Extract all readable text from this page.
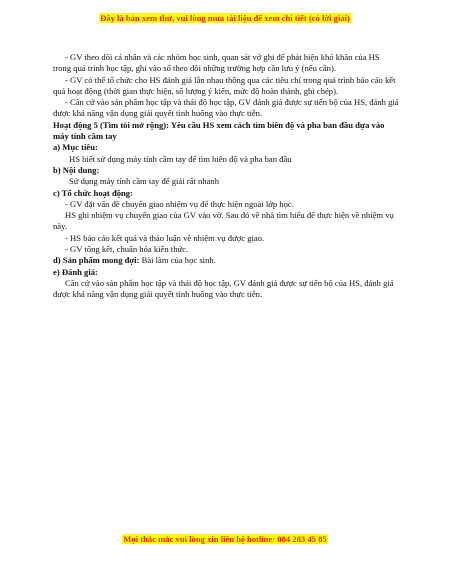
Đây là bản xem thử, vui lòng mua tài liệu để xem chi tiết (có lời giải)

- GV theo dõi cá nhân và các nhóm học sinh, quan sát vở ghi để phát hiện khó khăn của HS trong quá trình học tập, ghi vào sổ theo dõi những trường hợp cần lưu ý (nếu cần).

- GV có thể tổ chức cho HS đánh giá lẫn nhau thông qua các tiêu chí trong quá trình báo cáo kết quả hoạt động (thời gian thực hiện, số lượng ý kiến, mức độ hoàn thành, ghi chép).

- Căn cứ vào sản phẩm học tập và thái độ học tập, GV đánh giá được sự tiến bộ của HS, đánh giá được khả năng vận dụng giải quyết tình huống vào thực tiễn.

Hoạt động 5 (Tìm tòi mở rộng): Yêu cầu HS xem cách tìm biên độ và pha ban đầu dựa vào máy tính cầm tay

a) Mục tiêu:

HS biết sử dụng máy tính cầm tay để tìm biên độ và pha ban đầu

b) Nội dung:

Sử dụng máy tính cầm tay để giải rất nhanh

c) Tổ chức hoạt động:

- GV đặt vấn đề chuyển giao nhiệm vụ để thực hiện ngoài lớp học.

HS ghi nhiệm vụ chuyển giao của GV vào vở. Sau đó về nhà tìm hiểu để thực hiện về nhiệm vụ này.

- HS báo cáo kết quả và thảo luận về nhiệm vụ được giao.

- GV tổng kết, chuẩn hóa kiến thức.

d) Sản phẩm mong đợi: Bài làm của học sinh.

e) Đánh giá:

Căn cứ vào sản phẩm học tập và thái độ học tập, GV đánh giá được sự tiến bộ của HS, đánh giá được khả năng vận dụng giải quyết tình huống vào thực tiễn.

Mọi thắc mắc vui lòng xin liên hệ hotline: 084 283 45 85
